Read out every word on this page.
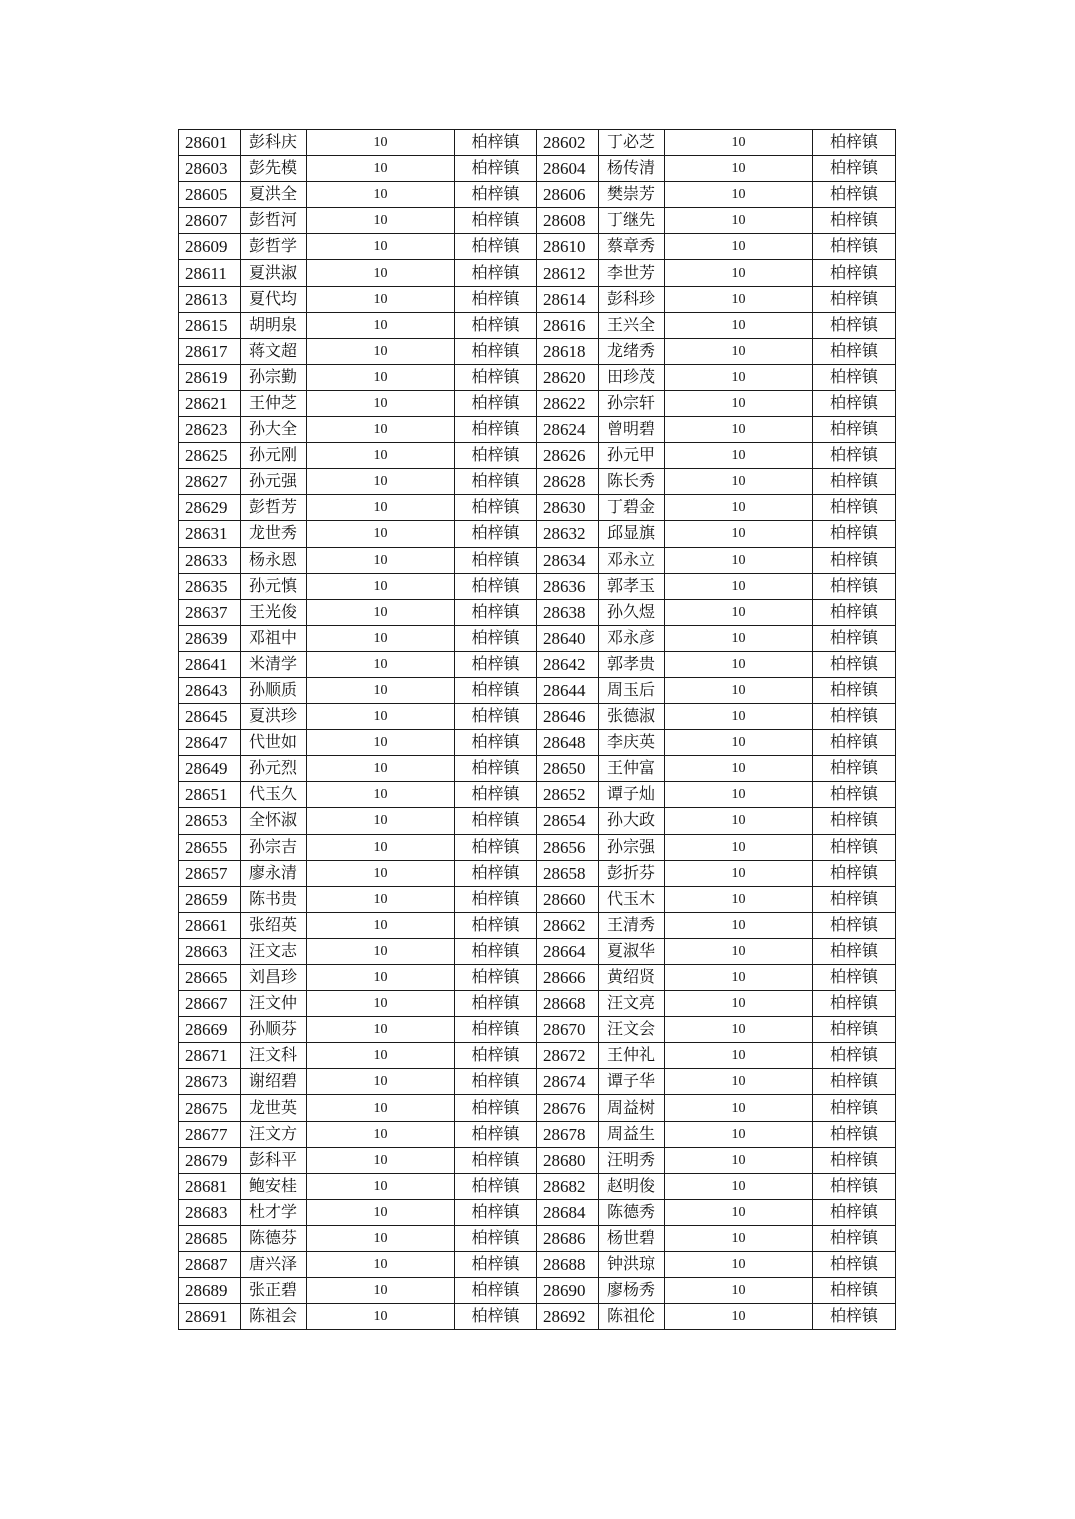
28601	彭科庆	10	柏梓镇	28602	丁必芝	10	柏梓镇
28603	彭先模	10	柏梓镇	28604	杨传清	10	柏梓镇
28605	夏洪全	10	柏梓镇	28606	樊崇芳	10	柏梓镇
28607	彭哲河	10	柏梓镇	28608	丁继先	10	柏梓镇
28609	彭哲学	10	柏梓镇	28610	蔡章秀	10	柏梓镇
28611	夏洪淑	10	柏梓镇	28612	李世芳	10	柏梓镇
28613	夏代均	10	柏梓镇	28614	彭科珍	10	柏梓镇
28615	胡明泉	10	柏梓镇	28616	王兴全	10	柏梓镇
28617	蒋文超	10	柏梓镇	28618	龙绪秀	10	柏梓镇
28619	孙宗勤	10	柏梓镇	28620	田珍茂	10	柏梓镇
28621	王仲芝	10	柏梓镇	28622	孙宗轩	10	柏梓镇
28623	孙大全	10	柏梓镇	28624	曾明碧	10	柏梓镇
28625	孙元刚	10	柏梓镇	28626	孙元甲	10	柏梓镇
28627	孙元强	10	柏梓镇	28628	陈长秀	10	柏梓镇
28629	彭哲芳	10	柏梓镇	28630	丁碧金	10	柏梓镇
28631	龙世秀	10	柏梓镇	28632	邱显旗	10	柏梓镇
28633	杨永恩	10	柏梓镇	28634	邓永立	10	柏梓镇
28635	孙元慎	10	柏梓镇	28636	郭孝玉	10	柏梓镇
28637	王光俊	10	柏梓镇	28638	孙久煜	10	柏梓镇
28639	邓祖中	10	柏梓镇	28640	邓永彦	10	柏梓镇
28641	米清学	10	柏梓镇	28642	郭孝贵	10	柏梓镇
28643	孙顺质	10	柏梓镇	28644	周玉后	10	柏梓镇
28645	夏洪珍	10	柏梓镇	28646	张德淑	10	柏梓镇
28647	代世如	10	柏梓镇	28648	李庆英	10	柏梓镇
28649	孙元烈	10	柏梓镇	28650	王仲富	10	柏梓镇
28651	代玉久	10	柏梓镇	28652	谭子灿	10	柏梓镇
28653	全怀淑	10	柏梓镇	28654	孙大政	10	柏梓镇
28655	孙宗吉	10	柏梓镇	28656	孙宗强	10	柏梓镇
28657	廖永清	10	柏梓镇	28658	彭折芬	10	柏梓镇
28659	陈书贵	10	柏梓镇	28660	代玉木	10	柏梓镇
28661	张绍英	10	柏梓镇	28662	王清秀	10	柏梓镇
28663	汪文志	10	柏梓镇	28664	夏淑华	10	柏梓镇
28665	刘昌珍	10	柏梓镇	28666	黄绍贤	10	柏梓镇
28667	汪文仲	10	柏梓镇	28668	汪文亮	10	柏梓镇
28669	孙顺芬	10	柏梓镇	28670	汪文会	10	柏梓镇
28671	汪文科	10	柏梓镇	28672	王仲礼	10	柏梓镇
28673	谢绍碧	10	柏梓镇	28674	谭子华	10	柏梓镇
28675	龙世英	10	柏梓镇	28676	周益树	10	柏梓镇
28677	汪文方	10	柏梓镇	28678	周益生	10	柏梓镇
28679	彭科平	10	柏梓镇	28680	汪明秀	10	柏梓镇
28681	鲍安桂	10	柏梓镇	28682	赵明俊	10	柏梓镇
28683	杜才学	10	柏梓镇	28684	陈德秀	10	柏梓镇
28685	陈德芬	10	柏梓镇	28686	杨世碧	10	柏梓镇
28687	唐兴泽	10	柏梓镇	28688	钟洪琼	10	柏梓镇
28689	张正碧	10	柏梓镇	28690	廖杨秀	10	柏梓镇
28691	陈祖会	10	柏梓镇	28692	陈祖伦	10	柏梓镇
